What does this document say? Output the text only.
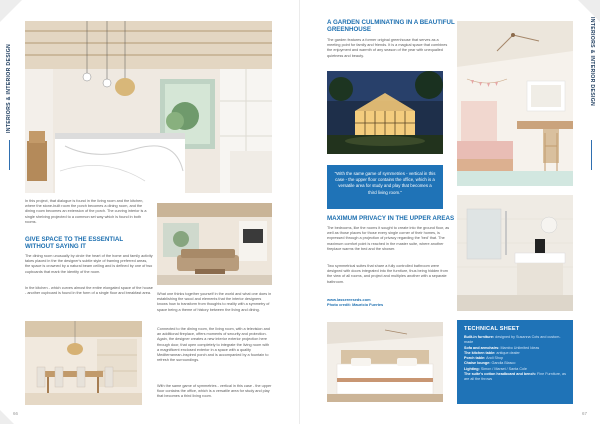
INTERIORS & INTERIOR DESIGN

In this project, that dialogue is found in the living room and the kitchen, where the stone-built room the porch becomes a dining room, and the dining room becomes an extension of the porch. The curving interior is a single shelving projected to a common set way which is found in both rooms.

GIVE SPACE TO THE ESSENTIAL WITHOUT SAYING IT

The dining room unusually by circle the heart of the home and family activity takes placed in the the designer's subtle style of framing preferred areas, the space is crowned by a natural beam ceiling and is defined by one of two cupboards that mark the identity of the room.

In the kitchen - which curves almost the entire elongated space of the house - another cupboard is found in the form of a single floor and breakfast area.	What one thinks together yourself in the world and what one does in establishing the wood and elements that the interior designers knows how to transform from thoughts to reality with a symmetry of space being a theme of history between the living and dining.

Connected to the dining room, the living room, with a television and an additional fireplace, offers moments of security and protection. Again, the designer creates a new interior exterior projection here through door, that open completely to integrate the living room with a magnificent enclosed exterior in a space with a quality Mediterranean-inspired porch and is accompanied by a fountain to refresh the surroundings.

With the same game of symmetries - vertical in this case - the upper floor contains the office, which is a versatile area for study and play that becomes a third living room.

66
INTERIORS & INTERIOR DESIGN
A GARDEN CULMINATING IN A BEAUTIFUL GREENHOUSE

The garden features a former original greenhouse that serves as a meeting point for family and friends. It is a magical space that combines the enjoyment and warmth of any season of the year with unequalled quietness and beauty.

"With the same game of symmetries - vertical in this case - the upper floor contains the office, which is a versatile area for study and play that becomes a third living room."
MAXIMUM PRIVACY IN THE UPPER AREAS

The bedrooms, like the rooms it sought to create into the ground floor, as well as those places for those every single corner of their homes, is expressed through a projection of privacy regarding the 'bed' that. The maximum comfort point is reached in the master suite, where another fireplace warms the bed and the shower.

Two symmetrical suites that share a fully controlled bathroom were designed with doors integrated into the furniture, thus being hidden from the view of all rooms, and project and multiples another with a separate bathroom.

www.lassereeseds.com
Photo credit: Mauricio Fuertes
TECHNICAL SHEET
Built-in furniture: designed by Susanna Cots and custom-made
Sofa and armchairs: Mambo Unlimited Ideas
The kitchen table: antique dealer
Porch table: Andi Shop
Chaise lounge: Gandia Blasco
Lighting: Simon / Marset / Santa Cole
The suite's cotton headboard and bench: Fine Furniture, as are all the throws
67
